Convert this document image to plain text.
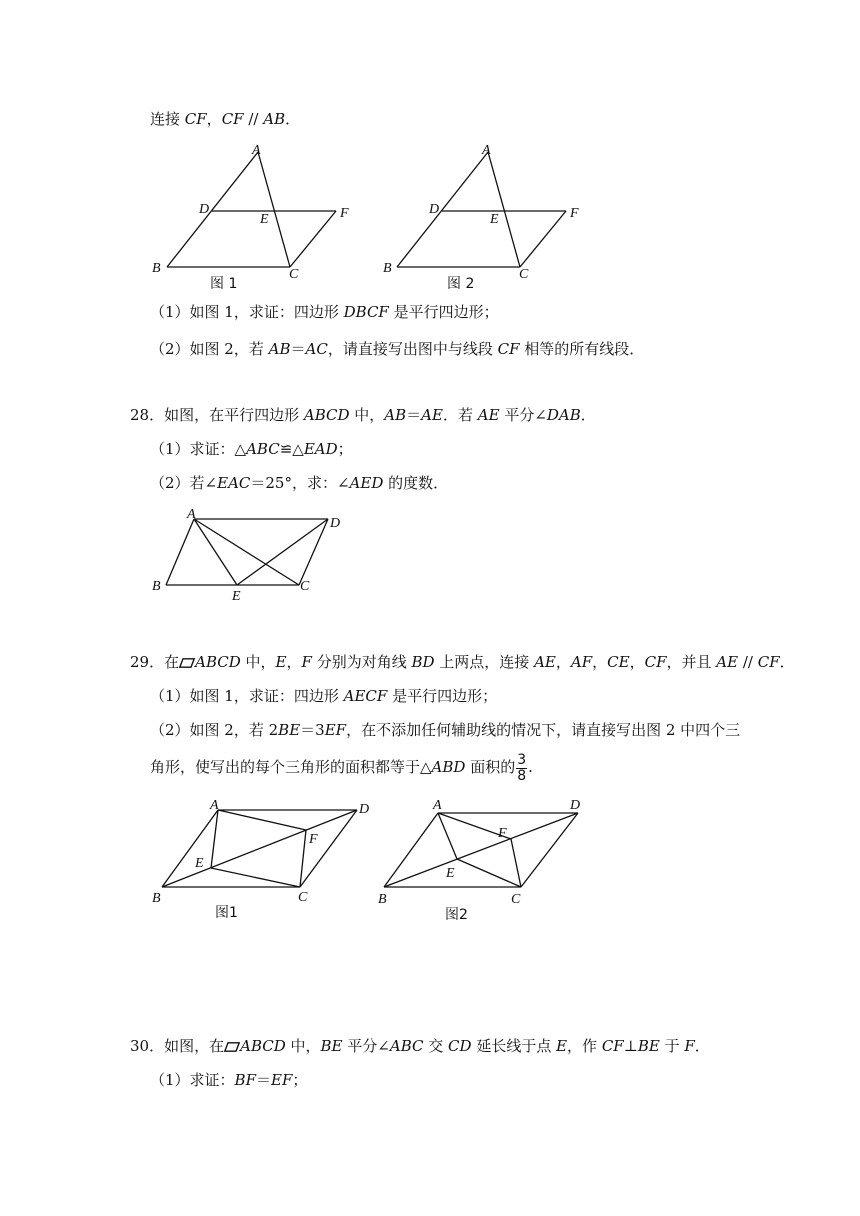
连接 CF，CF // AB．
A
D
E	F
B	C
图 1
A
D
E	F
B	C
图 2
（1）如图 1，求证：四边形 DBCF 是平行四边形；
（2）如图 2，若 AB＝AC，请直接写出图中与线段 CF 相等的所有线段．
28．如图，在平行四边形 ABCD 中，AB＝AE．若 AE 平分∠DAB．
（1）求证：△ABC≌△EAD；
（2）若∠EAC＝25°，求：∠AED 的度数．
A
D
B
E
C
29．在 ABCD 中，E，F 分别为对角线 BD 上两点，连接 AE，AF，CE，CF，并且 AE // CF．
（1）如图 1，求证：四边形 AECF 是平行四边形；
（2）如图 2，若 2BE＝3EF，在不添加任何辅助线的情况下，请直接写出图 2 中四个三
角形，使写出的每个三角形的面积都等于△ABD 面积的 $\frac{3}{8}$ .
A	D
F
E
B	C
图1
A	D
F
E
B	C
图2
30．如图，在 ABCD 中，BE 平分∠ABC 交 CD 延长线于点 E，作 CF⊥BE 于 F．
（1）求证：BF＝EF；
